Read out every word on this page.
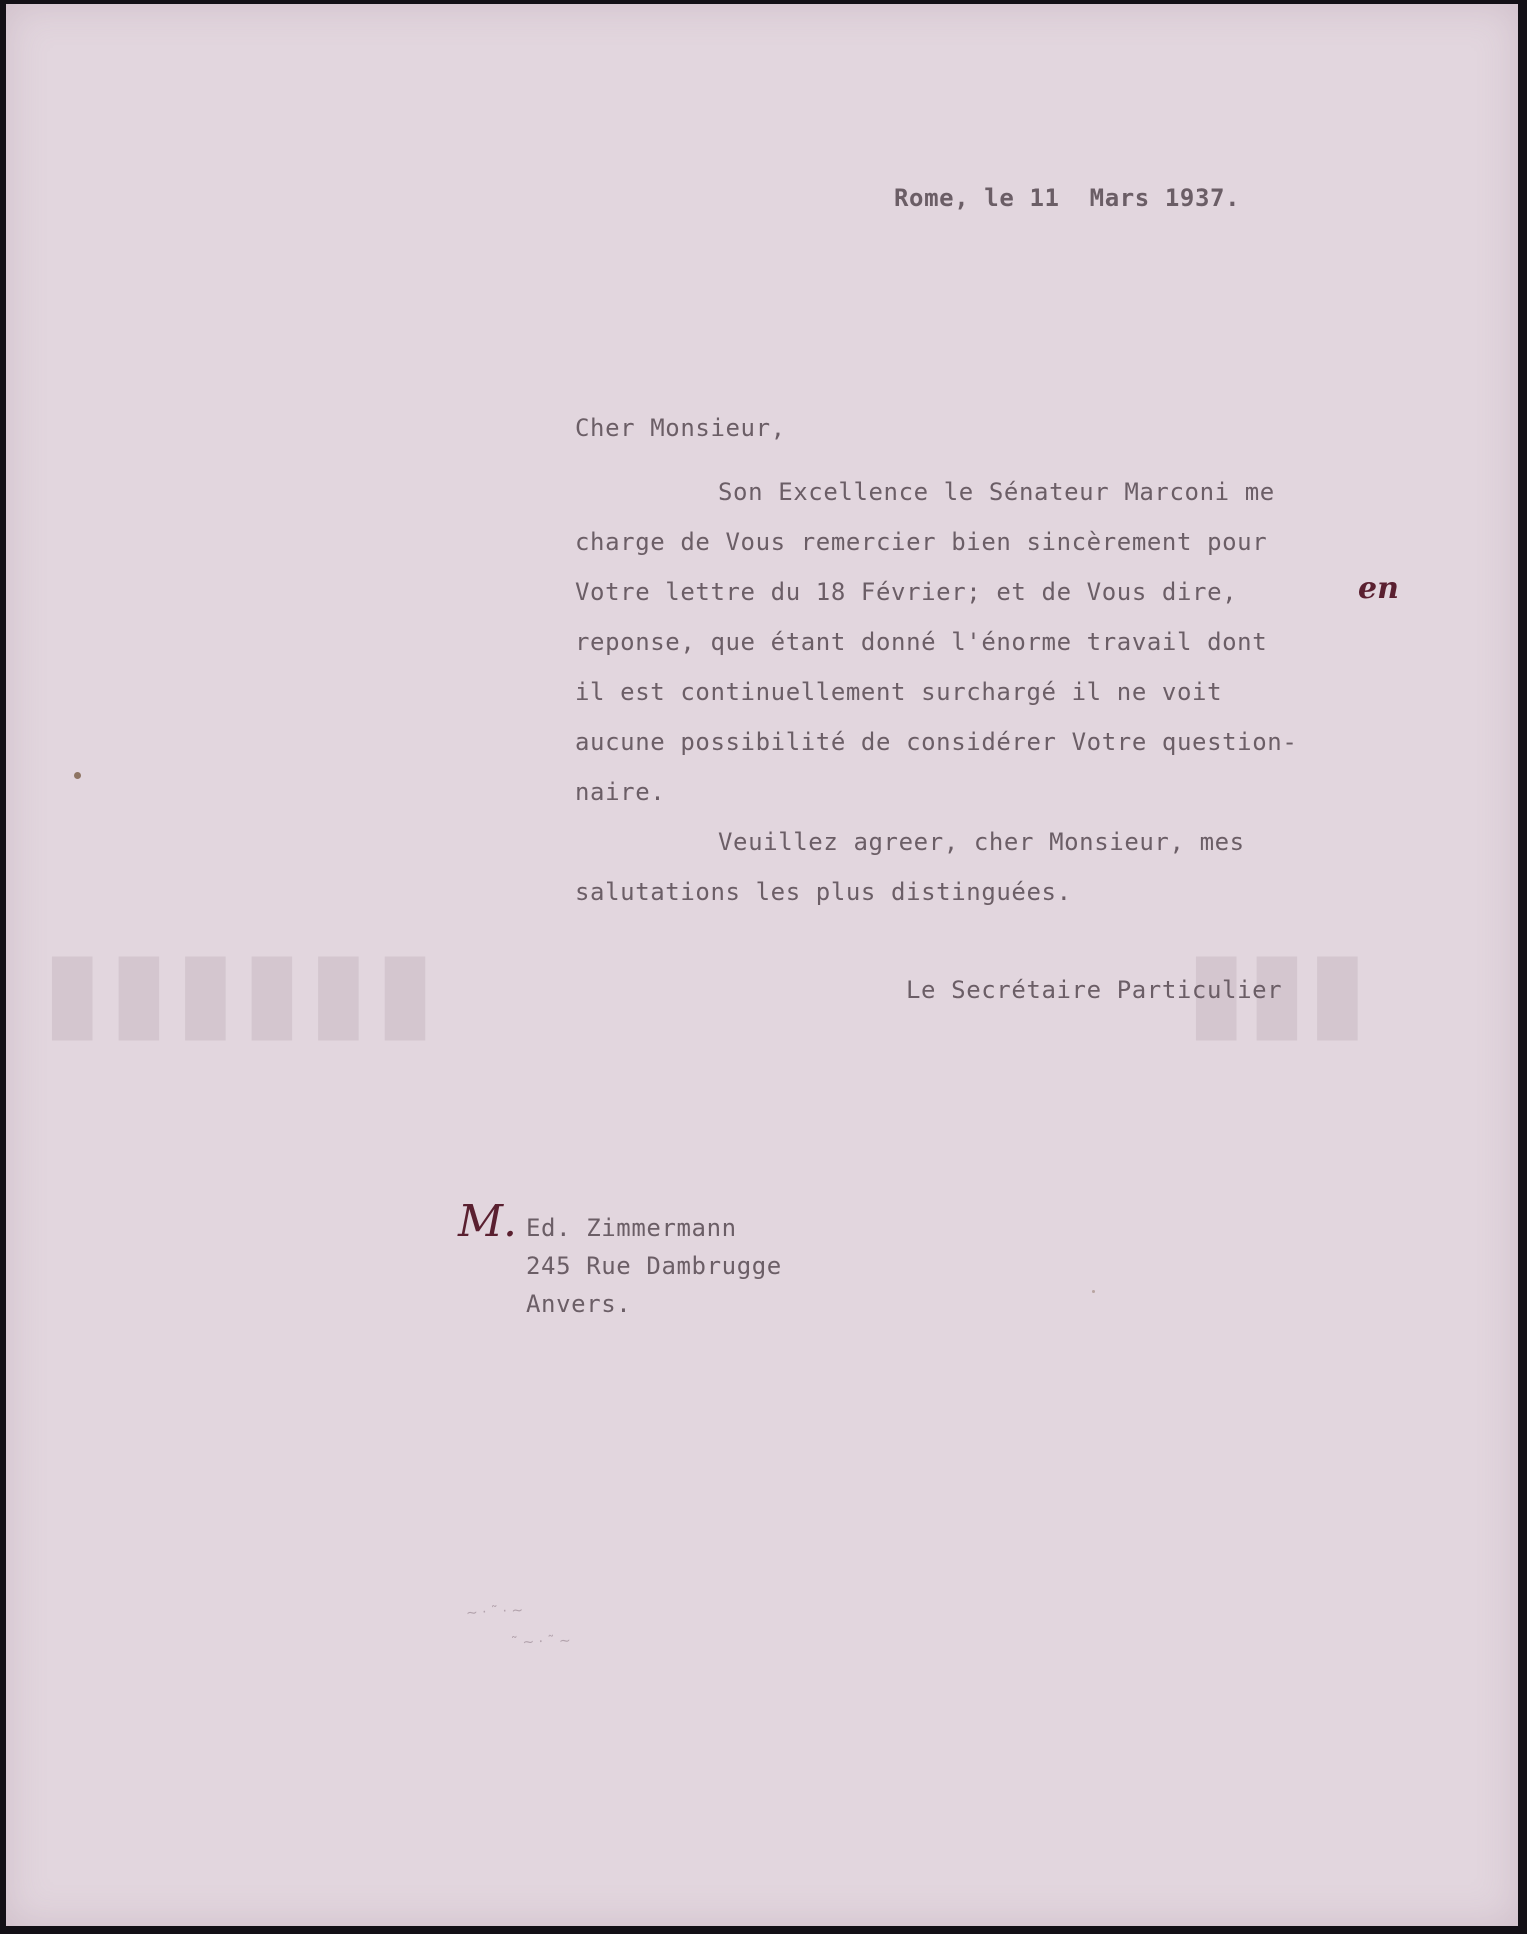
▮▮▮▮▮▮	▮▮▮
Rome, le 11  Mars 1937.
Cher Monsieur,
Son Excellence le Sénateur Marconi me
charge de Vous remercier bien sincèrement pour
Votre lettre du 18 Février; et de Vous dire,	en
reponse, que étant donné l'énorme travail dont
il est continuellement surchargé il ne voit
aucune possibilité de considérer Votre question-
naire.
Veuillez agreer, cher Monsieur, mes
salutations les plus distinguées.
Le Secrétaire Particulier
M. Ed. Zimmermann
245 Rue Dambrugge
Anvers.
~ · ˜ · ~
˜ ~ · ˜ ~
